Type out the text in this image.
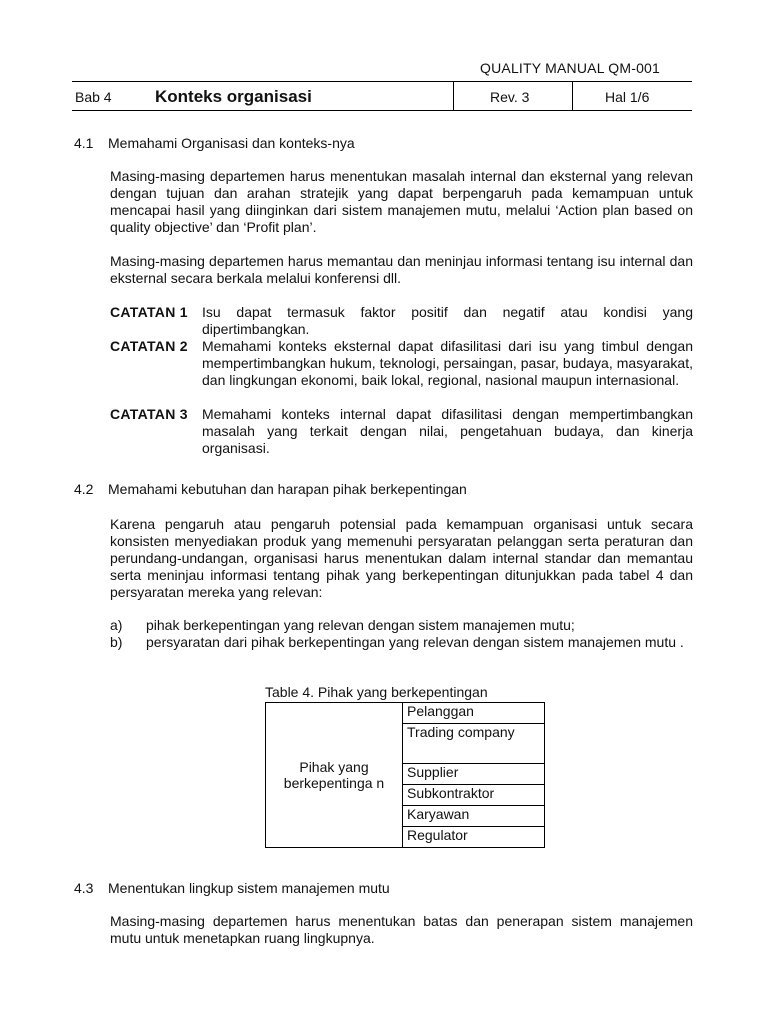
QUALITY MANUAL QM-001
Bab 4	Konteks organisasi	Rev. 3	Hal 1/6
4.1 Memahami Organisasi dan konteks-nya
Masing-masing departemen harus menentukan masalah internal dan eksternal yang relevan dengan tujuan dan arahan stratejik yang dapat berpengaruh pada kemampuan untuk mencapai hasil yang diinginkan dari sistem manajemen mutu, melalui ‘Action plan based on quality objective’ dan ‘Profit plan’.
Masing-masing departemen harus memantau dan meninjau informasi tentang isu internal dan eksternal secara berkala melalui konferensi dll.
CATATAN 1 Isu dapat termasuk faktor positif dan negatif atau kondisi yang dipertimbangkan.
CATATAN 2 Memahami konteks eksternal dapat difasilitasi dari isu yang timbul dengan mempertimbangkan hukum, teknologi, persaingan, pasar, budaya, masyarakat, dan lingkungan ekonomi, baik lokal, regional, nasional maupun internasional.
CATATAN 3 Memahami konteks internal dapat difasilitasi dengan mempertimbangkan masalah yang terkait dengan nilai, pengetahuan budaya, dan kinerja organisasi.
4.2 Memahami kebutuhan dan harapan pihak berkepentingan
Karena pengaruh atau pengaruh potensial pada kemampuan organisasi untuk secara konsisten menyediakan produk yang memenuhi persyaratan pelanggan serta peraturan dan perundang-undangan, organisasi harus menentukan dalam internal standar dan memantau serta meninjau informasi tentang pihak yang berkepentingan ditunjukkan pada tabel 4 dan persyaratan mereka yang relevan:
a) pihak berkepentingan yang relevan dengan sistem manajemen mutu;
b) persyaratan dari pihak berkepentingan yang relevan dengan sistem manajemen mutu .
Table 4. Pihak yang berkepentingan
Pihak yang berkepentinga n	Pelanggan
Trading company
Supplier
Subkontraktor
Karyawan
Regulator
4.3 Menentukan lingkup sistem manajemen mutu
Masing-masing departemen harus menentukan batas dan penerapan sistem manajemen mutu untuk menetapkan ruang lingkupnya.
